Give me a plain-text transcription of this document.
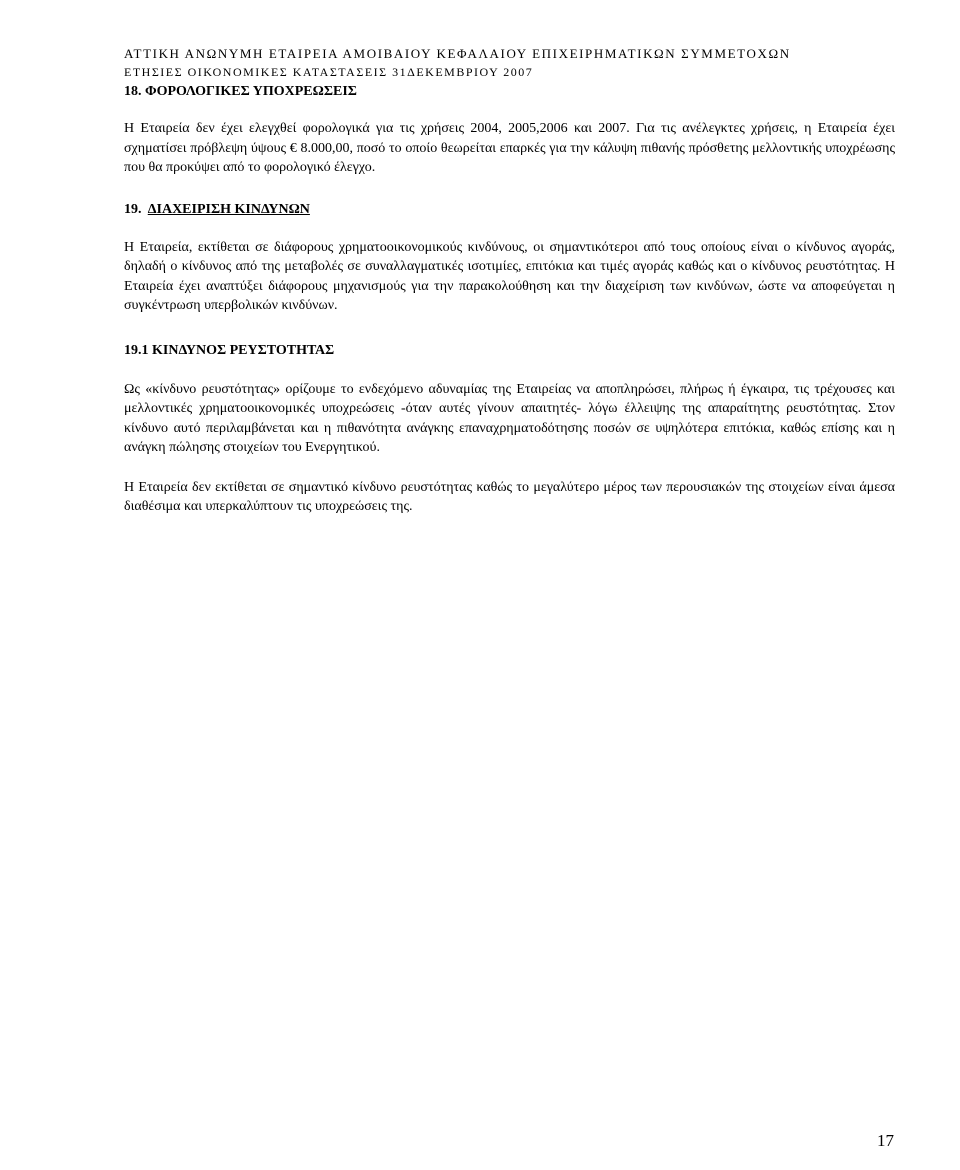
ΑΤΤΙΚΗ ΑΝΩΝΥΜΗ ΕΤΑΙΡΕΙΑ ΑΜΟΙΒΑΙΟΥ ΚΕΦΑΛΑΙΟΥ ΕΠΙΧΕΙΡΗΜΑΤΙΚΩΝ ΣΥΜΜΕΤΟΧΩΝ
ΕΤΗΣΙΕΣ ΟΙΚΟΝΟΜΙΚΕΣ ΚΑΤΑΣΤΑΣΕΙΣ 31ΔΕΚΕΜΒΡΙΟΥ 2007
18. ΦΟΡΟΛΟΓΙΚΕΣ ΥΠΟΧΡΕΩΣΕΙΣ

Η Εταιρεία δεν έχει ελεγχθεί φορολογικά για τις χρήσεις 2004, 2005,2006 και 2007. Για τις ανέλεγκτες χρήσεις, η Εταιρεία έχει σχηματίσει πρόβλεψη ύψους € 8.000,00, ποσό το οποίο θεωρείται επαρκές για την κάλυψη πιθανής πρόσθετης μελλοντικής υποχρέωσης που θα προκύψει από το φορολογικό έλεγχο.

19. ΔΙΑΧΕΙΡΙΣΗ ΚΙΝΔΥΝΩΝ

Η Εταιρεία, εκτίθεται σε διάφορους χρηματοοικονομικούς κινδύνους, οι σημαντικότεροι από τους οποίους είναι ο κίνδυνος αγοράς, δηλαδή ο κίνδυνος από της μεταβολές σε συναλλαγματικές ισοτιμίες, επιτόκια και τιμές αγοράς καθώς και ο κίνδυνος ρευστότητας. Η Εταιρεία έχει αναπτύξει διάφορους μηχανισμούς για την παρακολούθηση και την διαχείριση των κινδύνων, ώστε να αποφεύγεται η συγκέντρωση υπερβολικών κινδύνων.

19.1 ΚΙΝΔΥΝΟΣ ΡΕΥΣΤΟΤΗΤΑΣ

Ως «κίνδυνο ρευστότητας» ορίζουμε το ενδεχόμενο αδυναμίας της Εταιρείας να αποπληρώσει, πλήρως ή έγκαιρα, τις τρέχουσες και μελλοντικές χρηματοοικονομικές υποχρεώσεις -όταν αυτές γίνουν απαιτητές- λόγω έλλειψης της απαραίτητης ρευστότητας. Στον κίνδυνο αυτό περιλαμβάνεται και η πιθανότητα ανάγκης επαναχρηματοδότησης ποσών σε υψηλότερα επιτόκια, καθώς επίσης και η ανάγκη πώλησης στοιχείων του Ενεργητικού.

Η Εταιρεία δεν εκτίθεται σε σημαντικό κίνδυνο ρευστότητας καθώς το μεγαλύτερο μέρος των περουσιακών της στοιχείων είναι άμεσα διαθέσιμα και υπερκαλύπτουν τις υποχρεώσεις της.

17
